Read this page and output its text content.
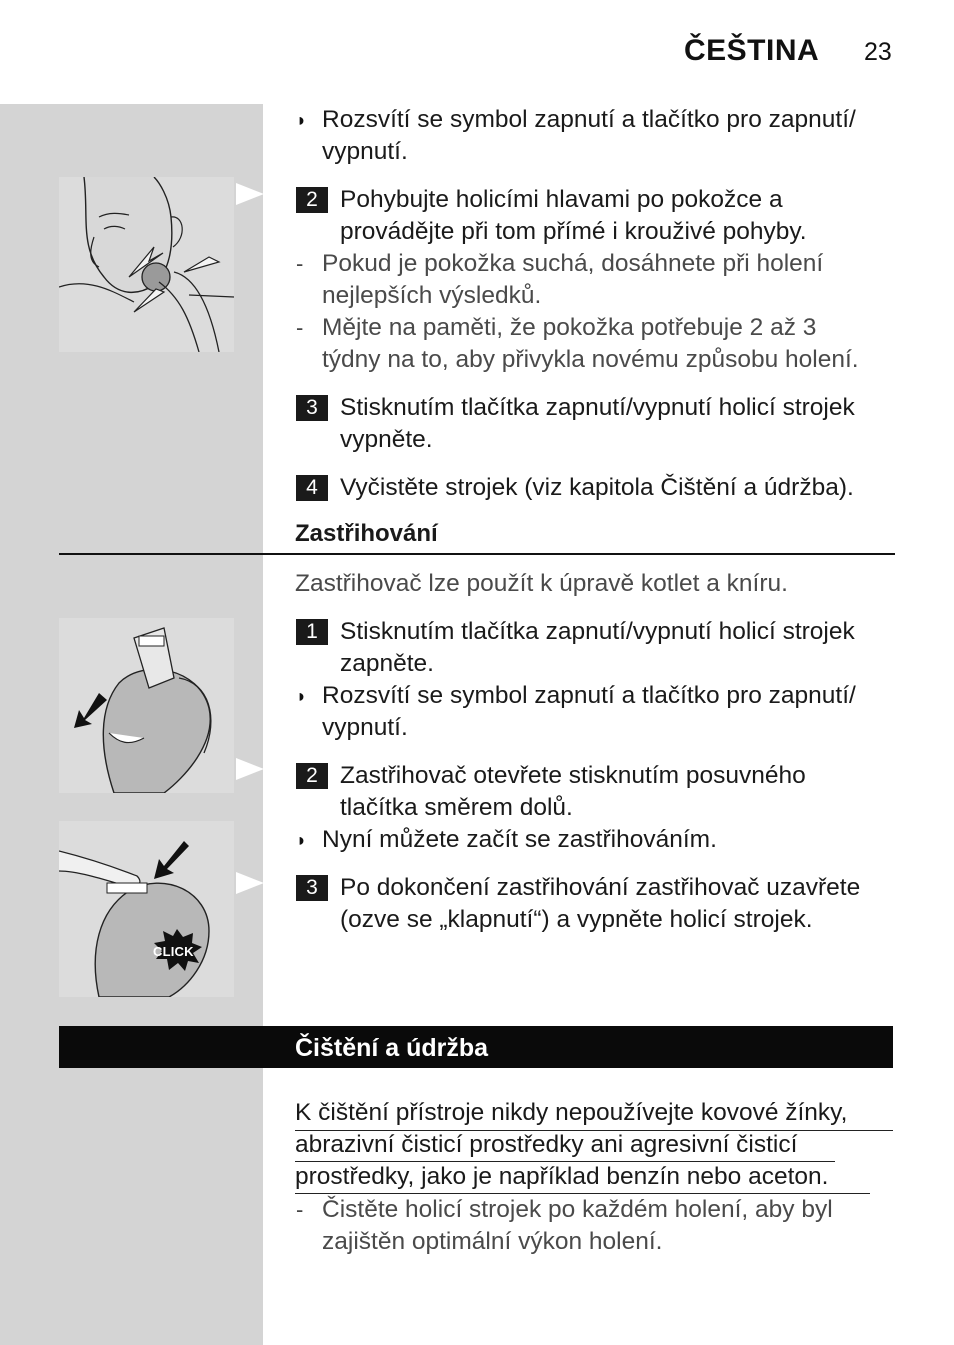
ČEŠTINA 23
CLICK
◗ Rozsvítí se symbol zapnutí a tlačítko pro zapnutí/
vypnutí.
2 Pohybujte holicími hlavami po pokožce a
provádějte při tom přímé i krouživé pohyby.
- Pokud je pokožka suchá, dosáhnete při holení
nejlepších výsledků.
- Mějte na paměti, že pokožka potřebuje 2 až 3
týdny na to, aby přivykla novému způsobu holení.
3 Stisknutím tlačítka zapnutí/vypnutí holicí strojek
vypněte.
4 Vyčistěte strojek (viz kapitola Čištění a údržba).
Zastřihování
Zastřihovač lze použít k úpravě kotlet a kníru.
1 Stisknutím tlačítka zapnutí/vypnutí holicí strojek
zapněte.
◗ Rozsvítí se symbol zapnutí a tlačítko pro zapnutí/
vypnutí.
2 Zastřihovač otevřete stisknutím posuvného
tlačítka směrem dolů.
◗ Nyní můžete začít se zastřihováním.
3 Po dokončení zastřihování zastřihovač uzavřete
(ozve se „klapnutí“) a vypněte holicí strojek.
Čištění a údržba
K čištění přístroje nikdy nepoužívejte kovové žínky,
abrazivní čisticí prostředky ani agresivní čisticí
prostředky, jako je například benzín nebo aceton.
- Čistěte holicí strojek po každém holení, aby byl
zajištěn optimální výkon holení.
